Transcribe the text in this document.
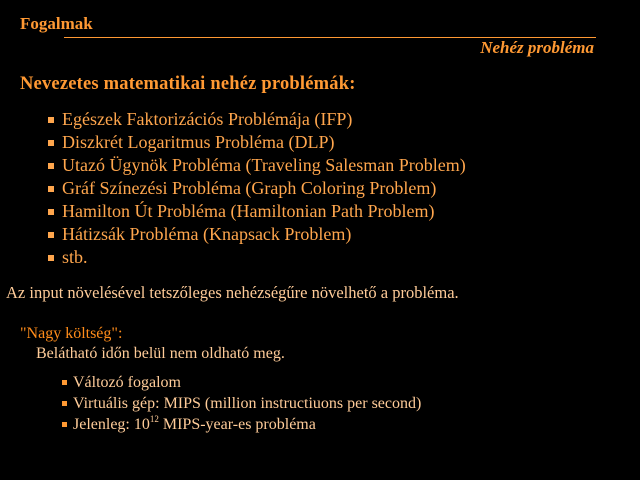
Fogalmak
Nehéz probléma
Nevezetes matematikai nehéz problémák:
Egészek Faktorizációs Problémája (IFP)
Diszkrét Logaritmus Probléma (DLP)
Utazó Ügynök Probléma (Traveling Salesman Problem)
Gráf Színezési Probléma (Graph Coloring Problem)
Hamilton Út Probléma (Hamiltonian Path Problem)
Hátizsák Probléma (Knapsack Problem)
stb.
Az input növelésével tetszőleges nehézségűre növelhető a probléma.
"Nagy költség":
Belátható időn belül nem oldható meg.
Változó fogalom
Virtuális gép: MIPS (million instructiuons per second)
Jelenleg: $10^{12}$ MIPS-year-es probléma
